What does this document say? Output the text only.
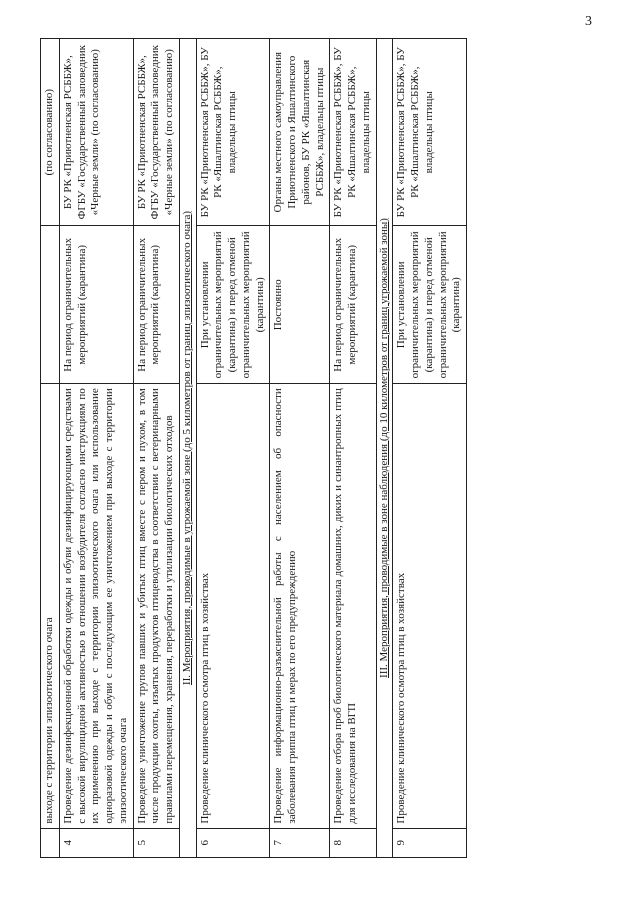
3
	выходе с территории эпизоотического очага		(по согласованию)
4	Проведение дезинфекционной обработки одежды и обуви дезинфицирующими средствами с высокой вирулицидной активностью в отношении возбудителя согласно инструкциям по их применению при выходе с территории эпизоотического очага или использование одноразовой одежды и обуви с последующим ее уничтожением при выходе с территории эпизоотического очага	На период ограничительных мероприятий (карантина)	БУ РК «Приютненская РСББЖ», ФГБУ «Государственный заповедник «Черные земли» (по согласованию)
5	Проведение уничтожение трупов павших и убитых птиц вместе с пером и пухом, в том числе продукции охоты, изъятых продуктов птицеводства в соответствии с ветеринарными правилами перемещения, хранения, переработки и утилизации биологических отходов	На период ограничительных мероприятий (карантина)	БУ РК «Приютненская РСББЖ», ФГБУ «Государственный заповедник «Черные земли» (по согласованию)
II. Мероприятия, проводимые в угрожаемой зоне (до 5 километров от границ эпизоотического очага)			
6	Проведение клинического осмотра птиц в хозяйствах	При установлении ограничительных мероприятий (карантина) и перед отменой ограничительных мероприятий (карантина)	БУ РК «Приютненская РСББЖ», БУ РК «Яшалтинская РСББЖ», владельцы птицы
7	Проведение информационно-разъяснительной работы с населением об опасности заболевания гриппа птиц и мерах по его предупреждению	Постоянно	Органы местного самоуправления Приютненского и Яшалтинского районов, БУ РК «Яшалтинская РСББЖ», владельцы птицы
8	Проведение отбора проб биологического материала домашних, диких и синантропных птиц для исследования на ВГП	На период ограничительных мероприятий (карантина)	БУ РК «Приютненская РСББЖ», БУ РК «Яшалтинская РСББЖ», владельцы птицы
III. Мероприятия, проводимые в зоне наблюдения (до 10 километров от границ угрожаемой зоны)			
9	Проведение клинического осмотра птиц в хозяйствах	При установлении ограничительных мероприятий (карантина) и перед отменой ограничительных мероприятий (карантина)	БУ РК «Приютненская РСББЖ», БУ РК «Яшалтинская РСББЖ», владельцы птицы
